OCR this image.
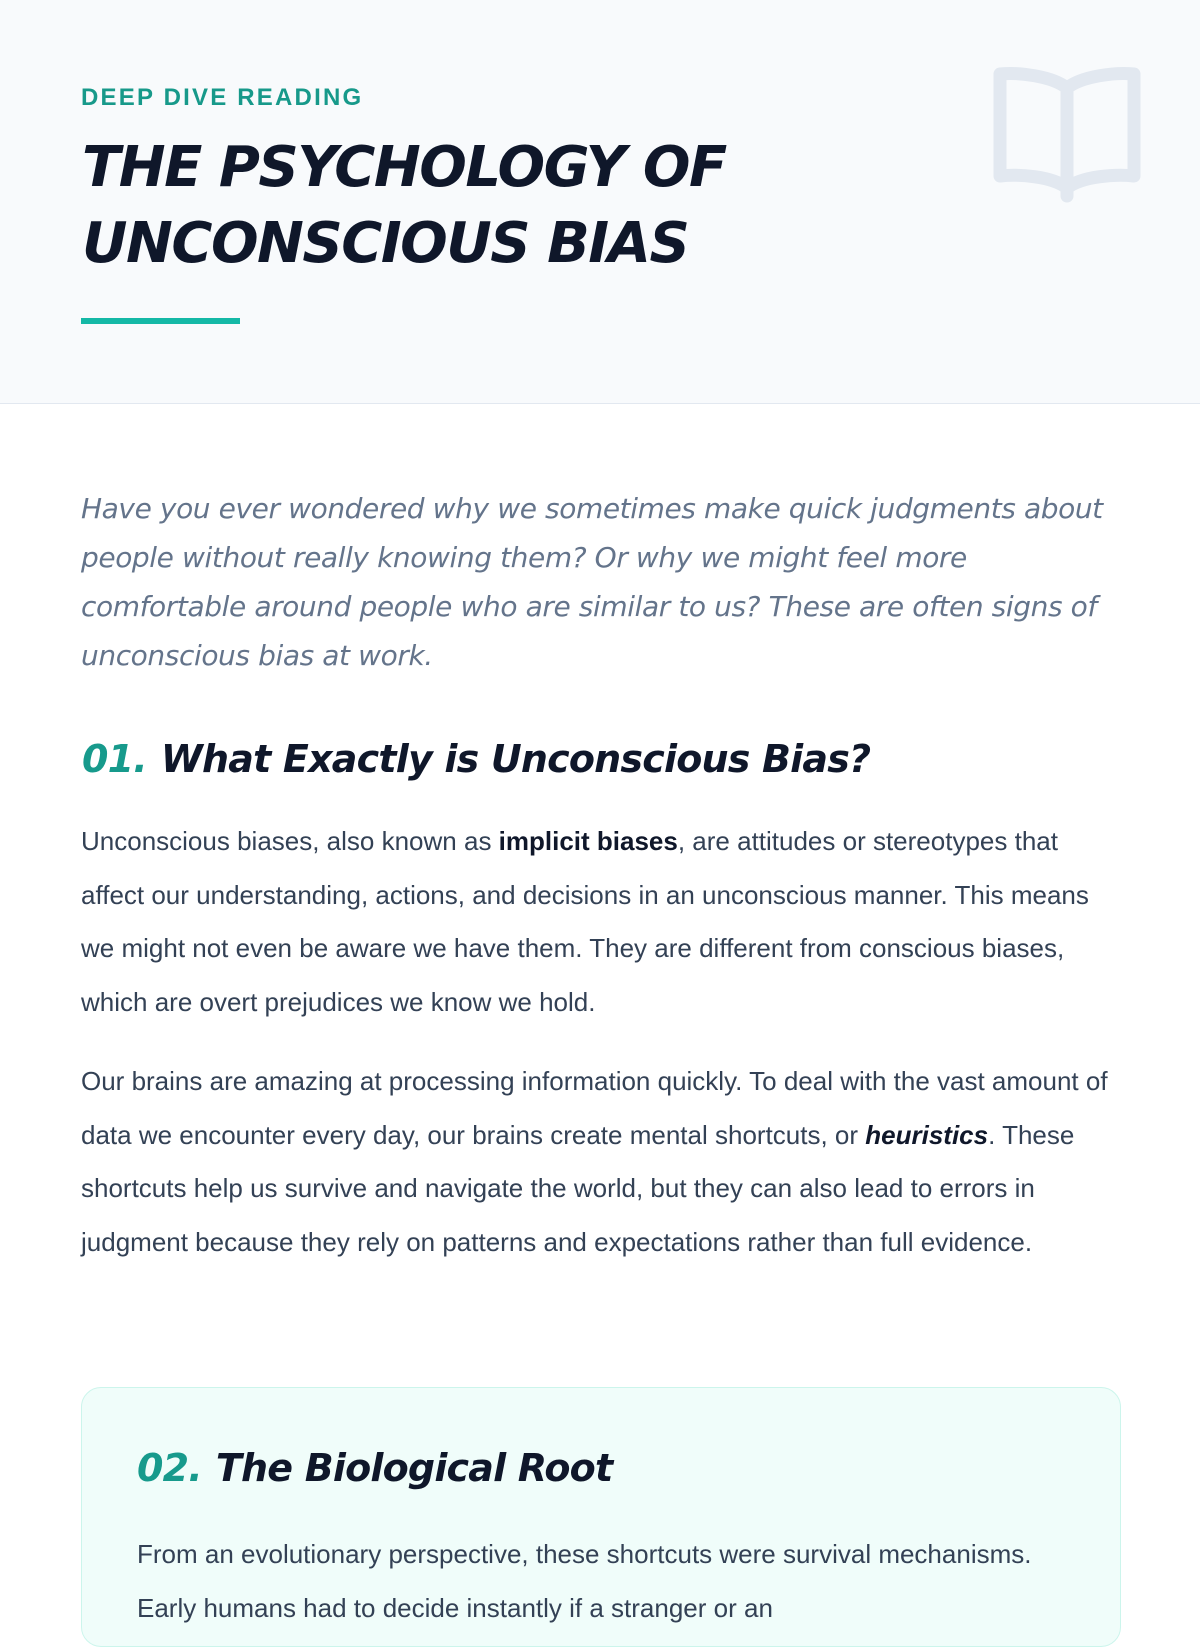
DEEP DIVE READING
THE PSYCHOLOGY OF UNCONSCIOUS BIAS

Have you ever wondered why we sometimes make quick judgments about people without really knowing them? Or why we might feel more comfortable around people who are similar to us? These are often signs of unconscious bias at work.

01. What Exactly is Unconscious Bias?

Unconscious biases, also known as implicit biases, are attitudes or stereotypes that affect our understanding, actions, and decisions in an unconscious manner. This means we might not even be aware we have them. They are different from conscious biases, which are overt prejudices we know we hold.

Our brains are amazing at processing information quickly. To deal with the vast amount of data we encounter every day, our brains create mental shortcuts, or heuristics. These shortcuts help us survive and navigate the world, but they can also lead to errors in judgment because they rely on patterns and expectations rather than full evidence.

02. The Biological Root

From an evolutionary perspective, these shortcuts were survival mechanisms. Early humans had to decide instantly if a stranger or an
